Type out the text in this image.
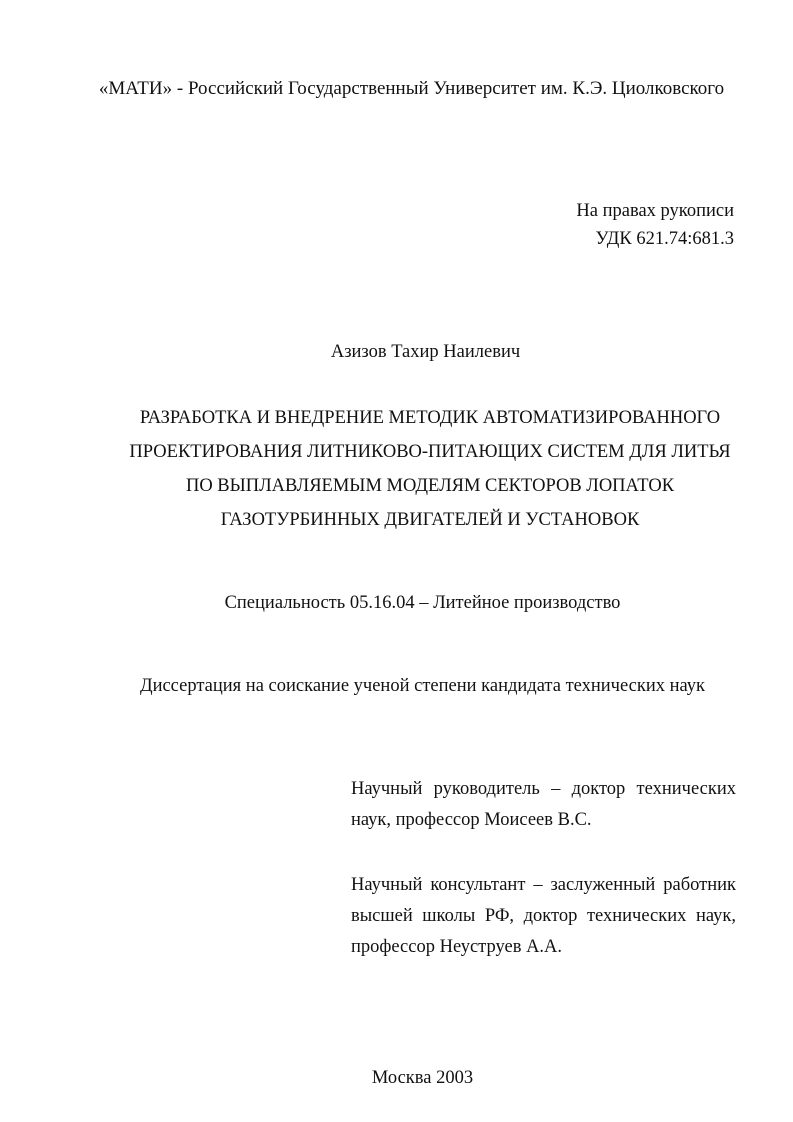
«МАТИ» - Российский Государственный Университет им. К.Э. Циолковского
На правах рукописи
УДК 621.74:681.3
Азизов Тахир Наилевич
РАЗРАБОТКА И ВНЕДРЕНИЕ МЕТОДИК АВТОМАТИЗИРОВАННОГО
ПРОЕКТИРОВАНИЯ ЛИТНИКОВО-ПИТАЮЩИХ СИСТЕМ ДЛЯ ЛИТЬЯ
ПО ВЫПЛАВЛЯЕМЫМ МОДЕЛЯМ СЕКТОРОВ ЛОПАТОК
ГАЗОТУРБИННЫХ ДВИГАТЕЛЕЙ И УСТАНОВОК
Специальность 05.16.04 – Литейное производство
Диссертация на соискание ученой степени кандидата технических наук
Научный руководитель – доктор технических
наук, профессор Моисеев В.С.
Научный консультант – заслуженный работник
высшей школы РФ, доктор технических наук,
профессор Неуструев А.А.
Москва 2003
